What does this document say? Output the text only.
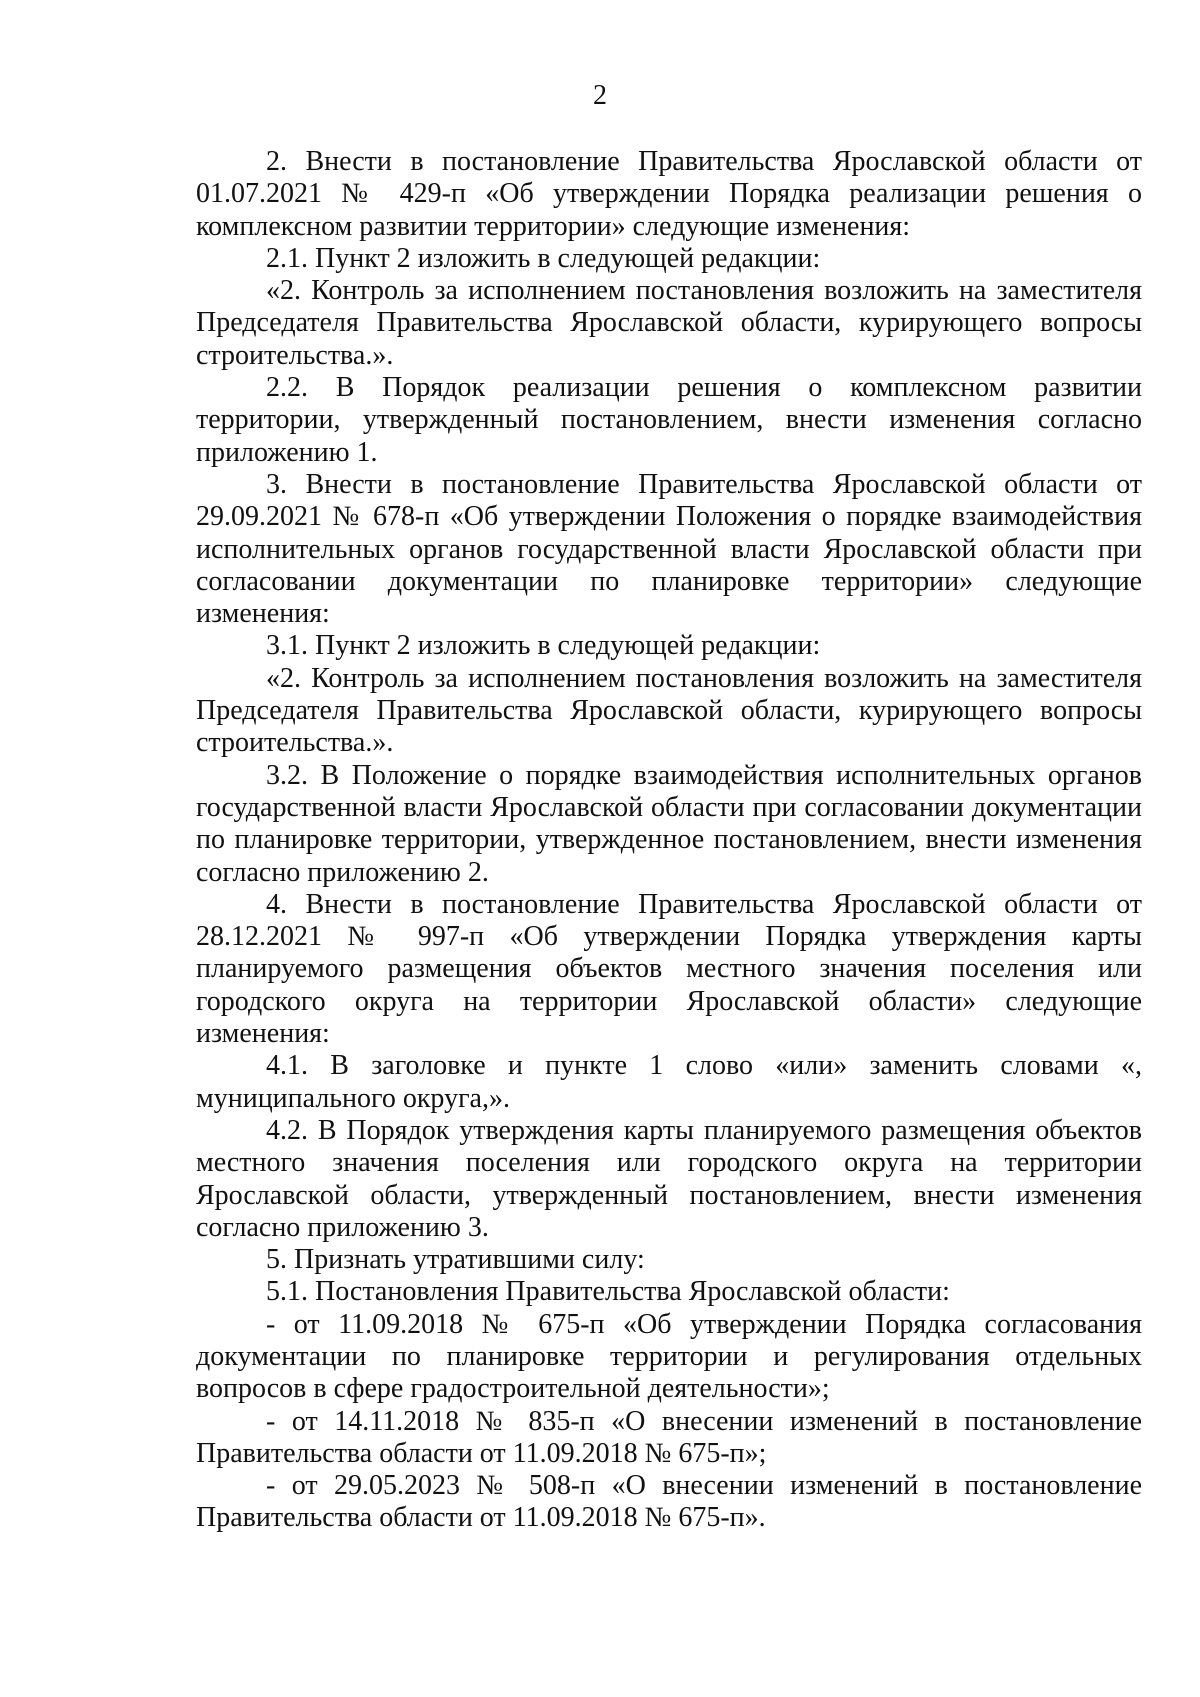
2

2. Внести в постановление Правительства Ярославской области от 01.07.2021 № 429-п «Об утверждении Порядка реализации решения о комплексном развитии территории» следующие изменения:

2.1. Пункт 2 изложить в следующей редакции:

«2. Контроль за исполнением постановления возложить на заместителя Председателя Правительства Ярославской области, курирующего вопросы строительства.».

2.2. В Порядок реализации решения о комплексном развитии территории, утвержденный постановлением, внести изменения согласно приложению 1.

3. Внести в постановление Правительства Ярославской области от 29.09.2021 № 678-п «Об утверждении Положения о порядке взаимодействия исполнительных органов государственной власти Ярославской области при согласовании документации по планировке территории» следующие изменения:

3.1. Пункт 2 изложить в следующей редакции:

«2. Контроль за исполнением постановления возложить на заместителя Председателя Правительства Ярославской области, курирующего вопросы строительства.».

3.2. В Положение о порядке взаимодействия исполнительных органов государственной власти Ярославской области при согласовании документации по планировке территории, утвержденное постановлением, внести изменения согласно приложению 2.

4. Внести в постановление Правительства Ярославской области от 28.12.2021 № 997-п «Об утверждении Порядка утверждения карты планируемого размещения объектов местного значения поселения или городского округа на территории Ярославской области» следующие изменения:

4.1. В заголовке и пункте 1 слово «или» заменить словами «, муниципального округа,».

4.2. В Порядок утверждения карты планируемого размещения объектов местного значения поселения или городского округа на территории Ярославской области, утвержденный постановлением, внести изменения согласно приложению 3.

5. Признать утратившими силу:

5.1. Постановления Правительства Ярославской области:

- от 11.09.2018 № 675-п «Об утверждении Порядка согласования документации по планировке территории и регулирования отдельных вопросов в сфере градостроительной деятельности»;

- от 14.11.2018 № 835-п «О внесении изменений в постановление Правительства области от 11.09.2018 № 675-п»;

- от 29.05.2023 № 508-п «О внесении изменений в постановление Правительства области от 11.09.2018 № 675-п».
